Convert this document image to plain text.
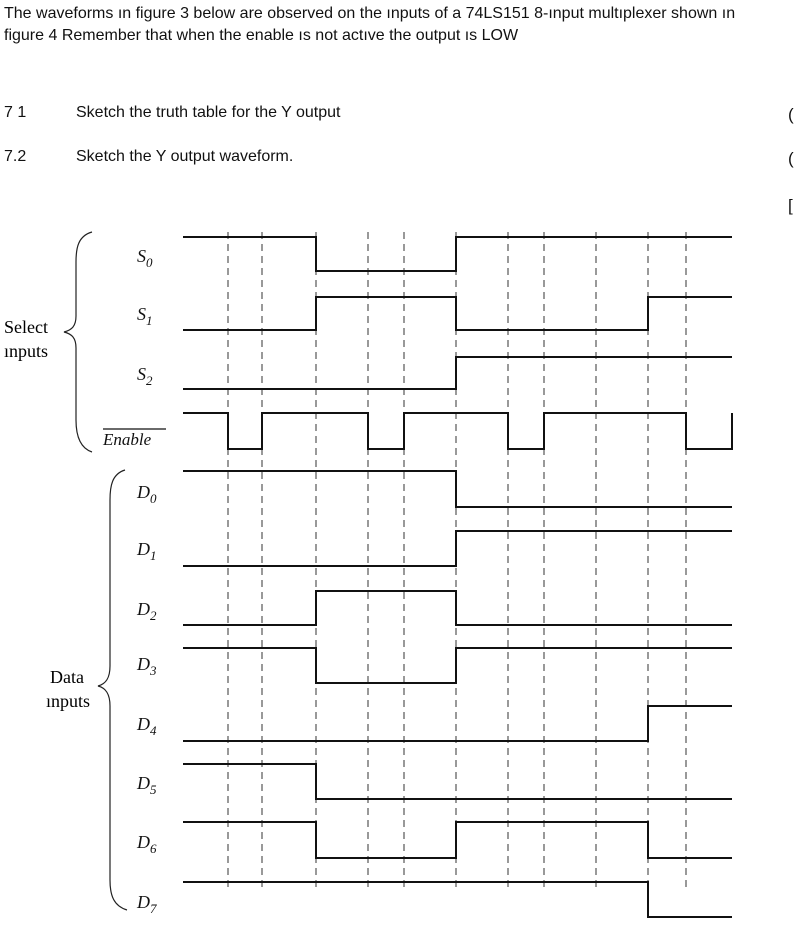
The waveforms ın figure 3 below are observed on the ınputs of a 74LS151 8-ınput multıplexer shown ın figure 4 Remember that when the enable ıs not actıve the output ıs LOW

7 1	Sketch the truth table for the Y output
7.2	Sketch the Y output waveform.
(
(
[
$S_0$
$S_1$
$S_2$
Enable
$D_0$
$D_1$
$D_2$
$D_3$
$D_4$
$D_5$
$D_6$
$D_7$
Select
ınputs
Data
ınputs
